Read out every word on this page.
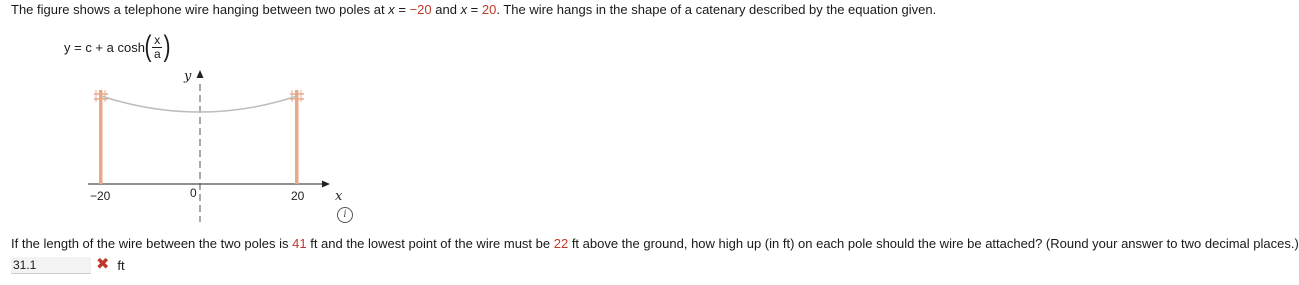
The figure shows a telephone wire hanging between two poles at x = −20 and x = 20. The wire hangs in the shape of a catenary described by the equation given.
y = c + a cosh ( $\frac{x}{a}$ )
y
x
−20	0	20
i
If the length of the wire between the two poles is 41 ft and the lowest point of the wire must be 22 ft above the ground, how high up (in ft) on each pole should the wire be attached? (Round your answer to two decimal places.)
31.1
✖ ft
